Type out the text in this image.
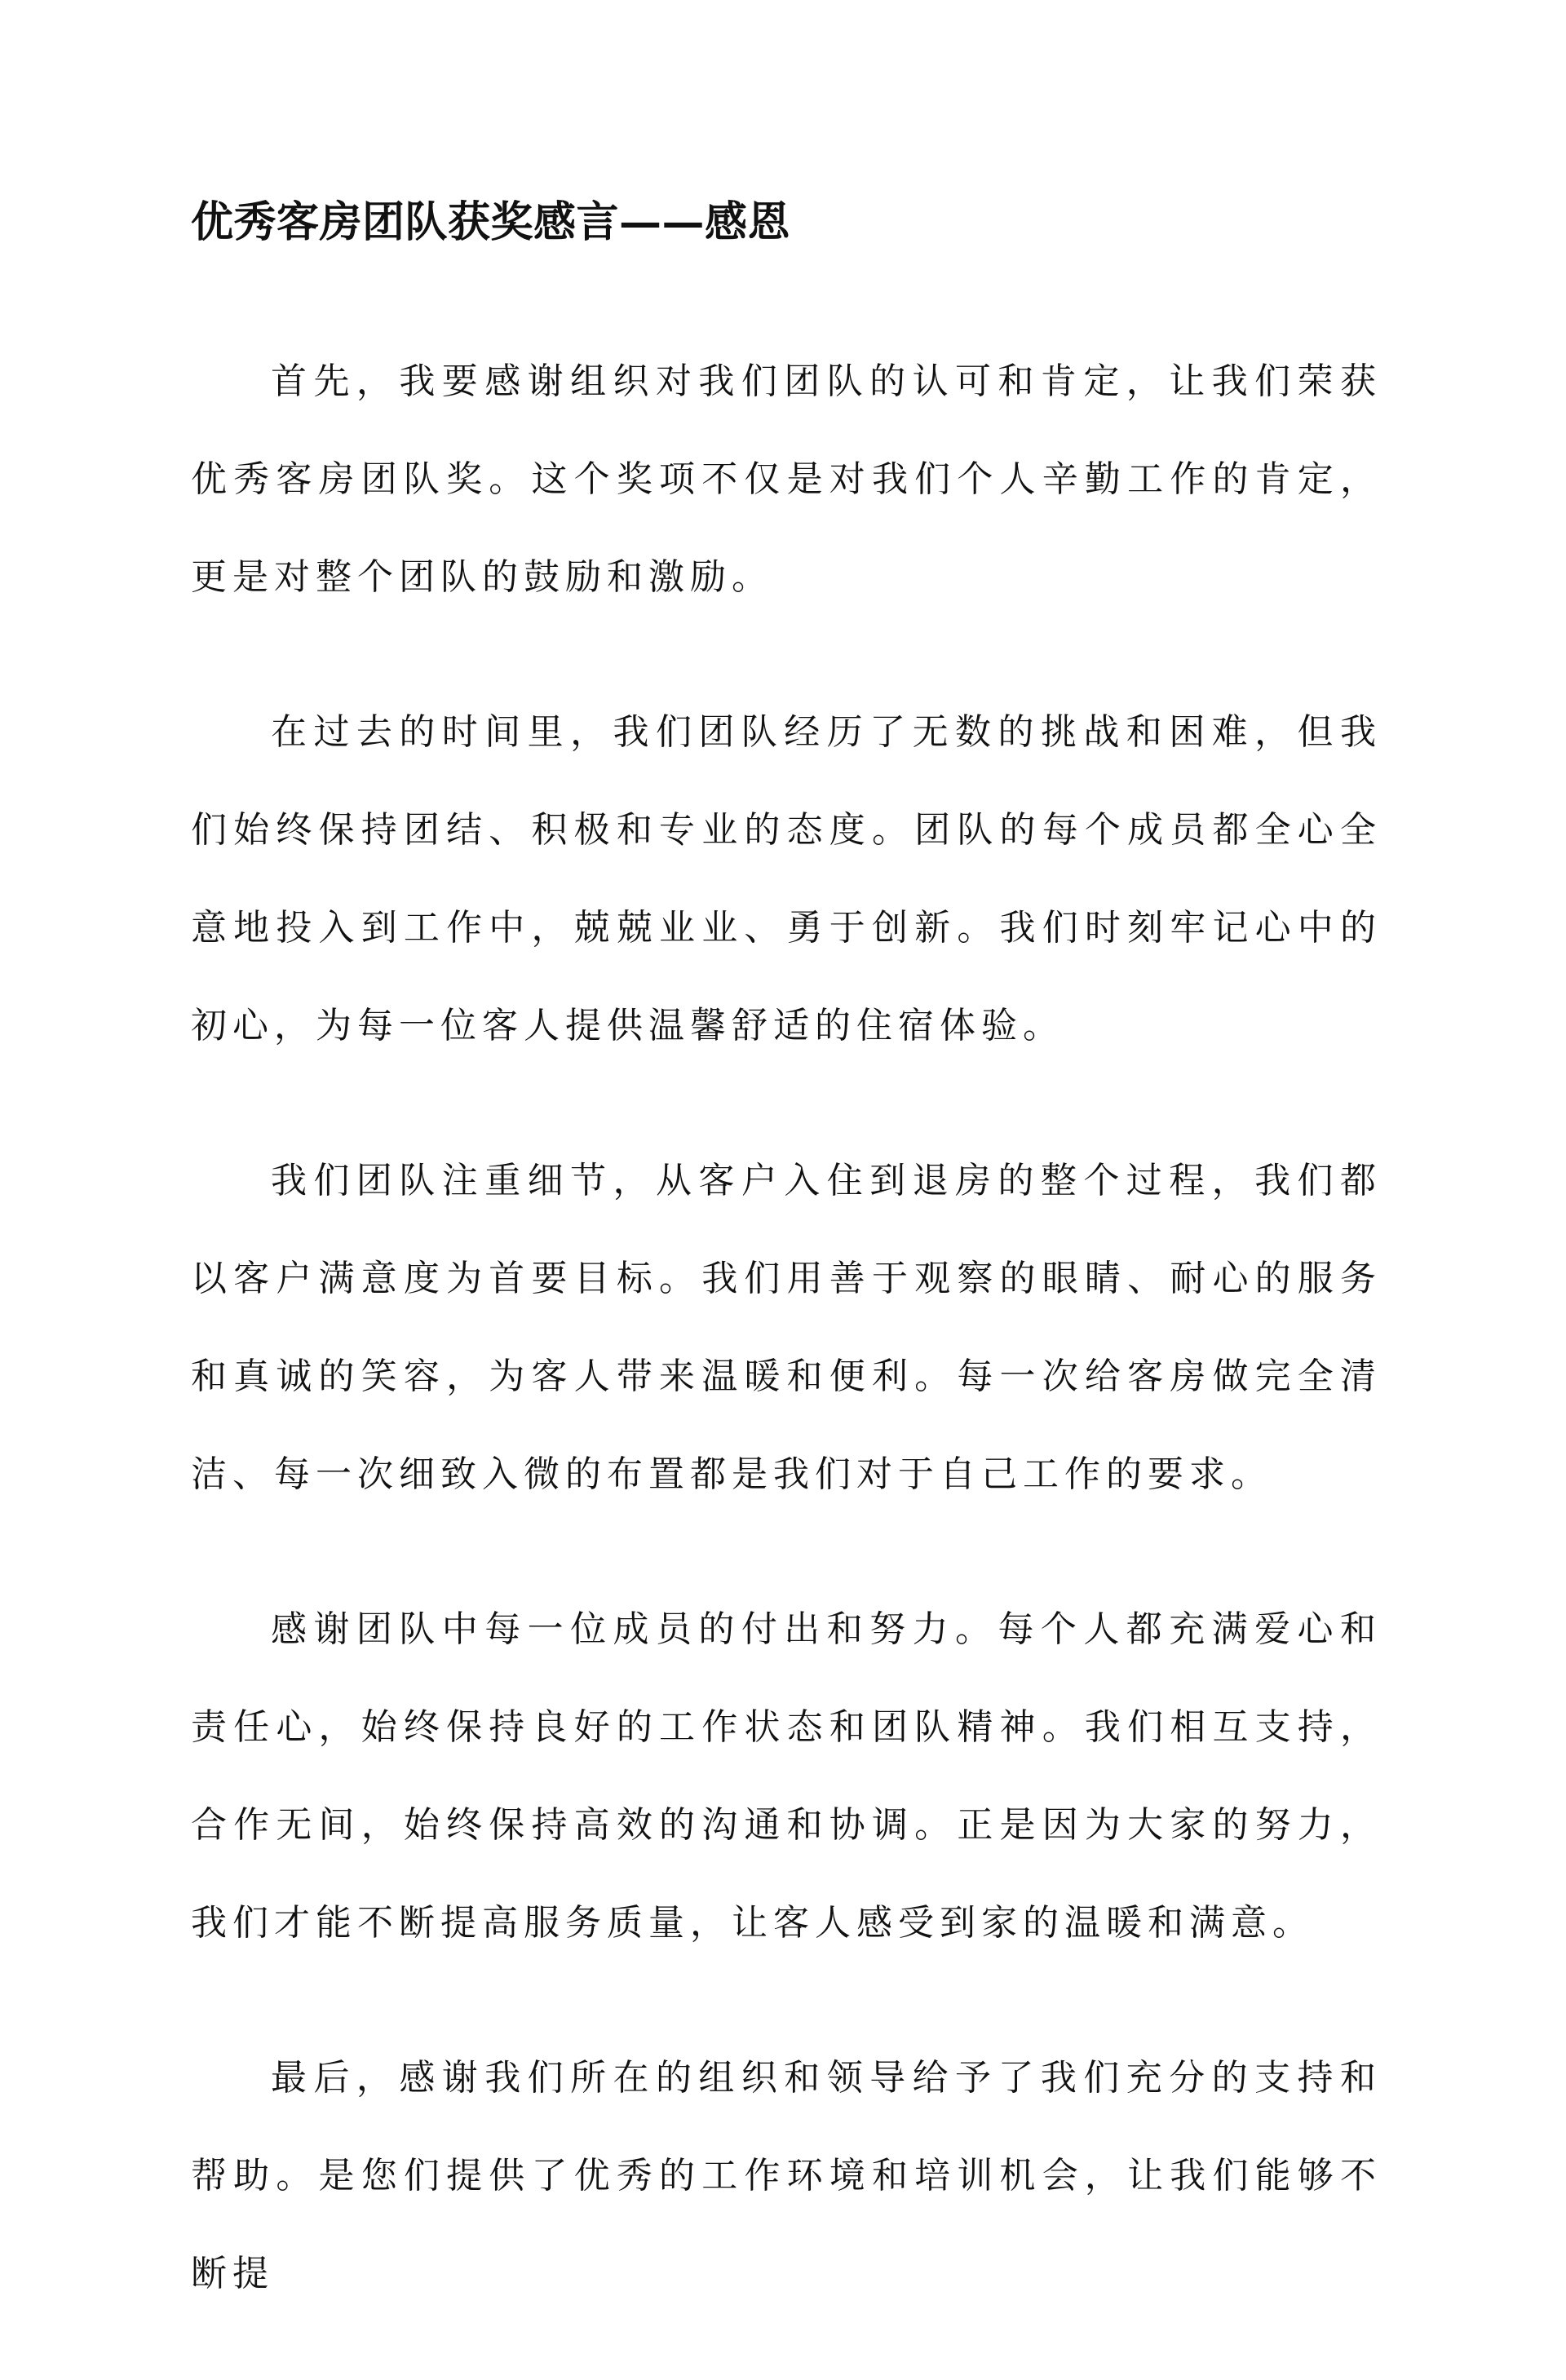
优秀客房团队获奖感言——感恩

首先，我要感谢组织对我们团队的认可和肯定，让我们荣获优秀客房团队奖。这个奖项不仅是对我们个人辛勤工作的肯定，更是对整个团队的鼓励和激励。

在过去的时间里，我们团队经历了无数的挑战和困难，但我们始终保持团结、积极和专业的态度。团队的每个成员都全心全意地投入到工作中，兢兢业业、勇于创新。我们时刻牢记心中的初心，为每一位客人提供温馨舒适的住宿体验。

我们团队注重细节，从客户入住到退房的整个过程，我们都以客户满意度为首要目标。我们用善于观察的眼睛、耐心的服务和真诚的笑容，为客人带来温暖和便利。每一次给客房做完全清洁、每一次细致入微的布置都是我们对于自己工作的要求。

感谢团队中每一位成员的付出和努力。每个人都充满爱心和责任心，始终保持良好的工作状态和团队精神。我们相互支持，合作无间，始终保持高效的沟通和协调。正是因为大家的努力，我们才能不断提高服务质量，让客人感受到家的温暖和满意。

最后，感谢我们所在的组织和领导给予了我们充分的支持和帮助。是您们提供了优秀的工作环境和培训机会，让我们能够不断提
